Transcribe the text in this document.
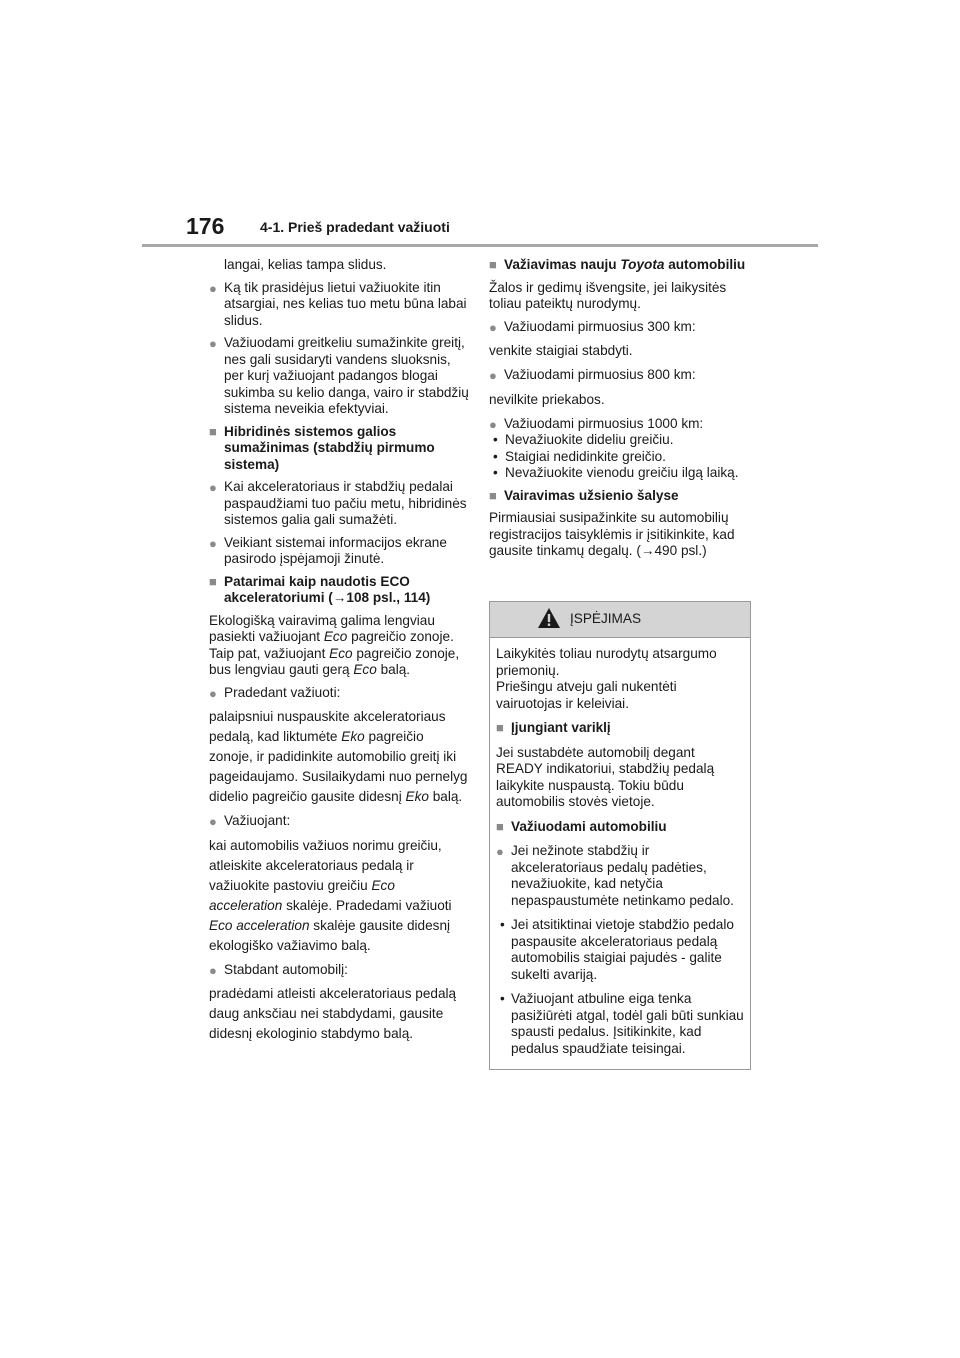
176	4-1. Prieš pradedant važiuoti
langai, kelias tampa slidus.
● Ką tik prasidėjus lietui važiuokite itin atsargiai, nes kelias tuo metu būna labai slidus.
● Važiuodami greitkeliu sumažinkite greitį, nes gali susidaryti vandens sluoksnis, per kurį važiuojant padangos blogai sukimba su kelio danga, vairo ir stabdžių sistema neveikia efektyviai.
■ Hibridinės sistemos galios sumažinimas (stabdžių pirmumo sistema)
● Kai akceleratoriaus ir stabdžių pedalai paspaudžiami tuo pačiu metu, hibridinės sistemos galia gali sumažėti.
● Veikiant sistemai informacijos ekrane pasirodo įspėjamoji žinutė.
■ Patarimai kaip naudotis ECO akceleratoriumi (→108 psl., 114)
Ekologišką vairavimą galima lengviau pasiekti važiuojant Eco pagreičio zonoje. Taip pat, važiuojant Eco pagreičio zonoje, bus lengviau gauti gerą Eco balą.
● Pradedant važiuoti:
palaipsniui nuspauskite akceleratoriaus pedalą, kad liktumėte Eko pagreičio zonoje, ir padidinkite automobilio greitį iki pageidaujamo. Susilaikydami nuo pernelyg didelio pagreičio gausite didesnį Eko balą.
● Važiuojant:
kai automobilis važiuos norimu greičiu, atleiskite akceleratoriaus pedalą ir važiuokite pastoviu greičiu Eco acceleration skalėje. Pradedami važiuoti Eco acceleration skalėje gausite didesnį ekologiško važiavimo balą.
● Stabdant automobilį:
pradėdami atleisti akceleratoriaus pedalą daug anksčiau nei stabdydami, gausite didesnį ekologinio stabdymo balą.
■ Važiavimas nauju Toyota automobiliu
Žalos ir gedimų išvengsite, jei laikysitės toliau pateiktų nurodymų.
● Važiuodami pirmuosius 300 km:
venkite staigiai stabdyti.
● Važiuodami pirmuosius 800 km:
nevilkite priekabos.
● Važiuodami pirmuosius 1000 km:
• Nevažiuokite dideliu greičiu.
• Staigiai nedidinkite greičio.
• Nevažiuokite vienodu greičiu ilgą laiką.
■ Vairavimas užsienio šalyse
Pirmiausiai susipažinkite su automobilių registracijos taisyklėmis ir įsitikinkite, kad gausite tinkamų degalų. (→490 psl.)
ĮSPĖJIMAS
Laikykitės toliau nurodytų atsargumo priemonių.
Priešingu atveju gali nukentėti vairuotojas ir keleiviai.
■ Įjungiant variklį
Jei sustabdėte automobilį degant READY indikatoriui, stabdžių pedalą laikykite nuspaustą. Tokiu būdu automobilis stovės vietoje.
■ Važiuodami automobiliu
● Jei nežinote stabdžių ir akceleratoriaus pedalų padėties, nevažiuokite, kad netyčia nepaspaustumėte netinkamo pedalo.
• Jei atsitiktinai vietoje stabdžio pedalo paspausite akceleratoriaus pedalą automobilis staigiai pajudės - galite sukelti avariją.
• Važiuojant atbuline eiga tenka pasižiūrėti atgal, todėl gali būti sunkiau spausti pedalus. Įsitikinkite, kad pedalus spaudžiate teisingai.
